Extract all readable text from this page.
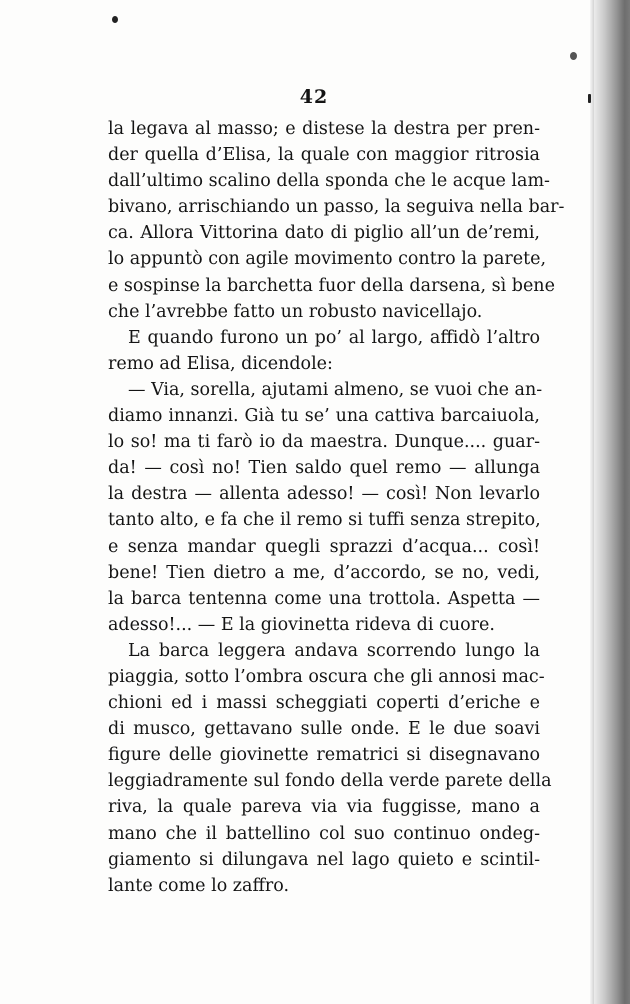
42
la legava al masso; e distese la destra per pren-
der quella d’Elisa, la quale con maggior ritrosia
dall’ultimo scalino della sponda che le acque lam-
bivano, arrischiando un passo, la seguiva nella bar-
ca. Allora Vittorina dato di piglio all’un de’remi,
lo appuntò con agile movimento contro la parete,
e sospinse la barchetta fuor della darsena, sì bene
che l’avrebbe fatto un robusto navicellajo.
E quando furono un po’ al largo, affidò l’altro
remo ad Elisa, dicendole:
— Via, sorella, ajutami almeno, se vuoi che an-
diamo innanzi. Già tu se’ una cattiva barcaiuola,
lo so! ma ti farò io da maestra. Dunque.... guar-
da! — così no! Tien saldo quel remo — allunga
la destra — allenta adesso! — così! Non levarlo
tanto alto, e fa che il remo si tuffi senza strepito,
e senza mandar quegli sprazzi d’acqua... così!
bene! Tien dietro a me, d’accordo, se no, vedi,
la barca tentenna come una trottola. Aspetta —
adesso!... — E la giovinetta rideva di cuore.
La barca leggera andava scorrendo lungo la
piaggia, sotto l’ombra oscura che gli annosi mac-
chioni ed i massi scheggiati coperti d’eriche e
di musco, gettavano sulle onde. E le due soavi
figure delle giovinette rematrici si disegnavano
leggiadramente sul fondo della verde parete della
riva, la quale pareva via via fuggisse, mano a
mano che il battellino col suo continuo ondeg-
giamento si dilungava nel lago quieto e scintil-
lante come lo zaffro.
